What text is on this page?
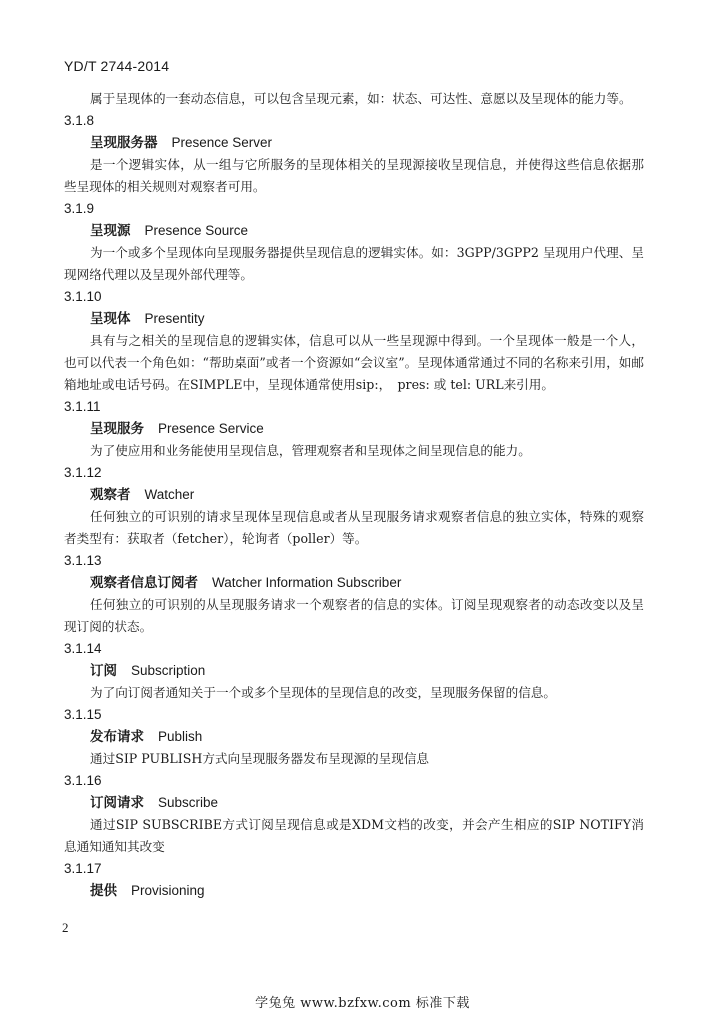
YD/T 2744-2014

属于呈现体的一套动态信息，可以包含呈现元素，如：状态、可达性、意愿以及呈现体的能力等。

3.1.8

呈现服务器 Presence Server

是一个逻辑实体，从一组与它所服务的呈现体相关的呈现源接收呈现信息，并使得这些信息依据那些呈现体的相关规则对观察者可用。

3.1.9

呈现源 Presence Source

为一个或多个呈现体向呈现服务器提供呈现信息的逻辑实体。如：3GPP/3GPP2 呈现用户代理、呈现网络代理以及呈现外部代理等。

3.1.10

呈现体 Presentity

具有与之相关的呈现信息的逻辑实体，信息可以从一些呈现源中得到。一个呈现体一般是一个人，也可以代表一个角色如：“帮助桌面”或者一个资源如“会议室”。呈现体通常通过不同的名称来引用，如邮箱地址或电话号码。在SIMPLE中，呈现体通常使用sip:，　pres: 或 tel: URL来引用。

3.1.11

呈现服务 Presence Service

为了使应用和业务能使用呈现信息，管理观察者和呈现体之间呈现信息的能力。

3.1.12

观察者 Watcher

任何独立的可识别的请求呈现体呈现信息或者从呈现服务请求观察者信息的独立实体，特殊的观察者类型有：获取者（fetcher），轮询者（poller）等。

3.1.13

观察者信息订阅者 Watcher Information Subscriber

任何独立的可识别的从呈现服务请求一个观察者的信息的实体。订阅呈现观察者的动态改变以及呈现订阅的状态。

3.1.14

订阅 Subscription

为了向订阅者通知关于一个或多个呈现体的呈现信息的改变，呈现服务保留的信息。

3.1.15

发布请求 Publish

通过SIP PUBLISH方式向呈现服务器发布呈现源的呈现信息

3.1.16

订阅请求 Subscribe

通过SIP SUBSCRIBE方式订阅呈现信息或是XDM文档的改变，并会产生相应的SIP NOTIFY消息通知通知其改变

3.1.17

提供 Provisioning

2
学兔兔 www.bzfxw.com 标准下载
